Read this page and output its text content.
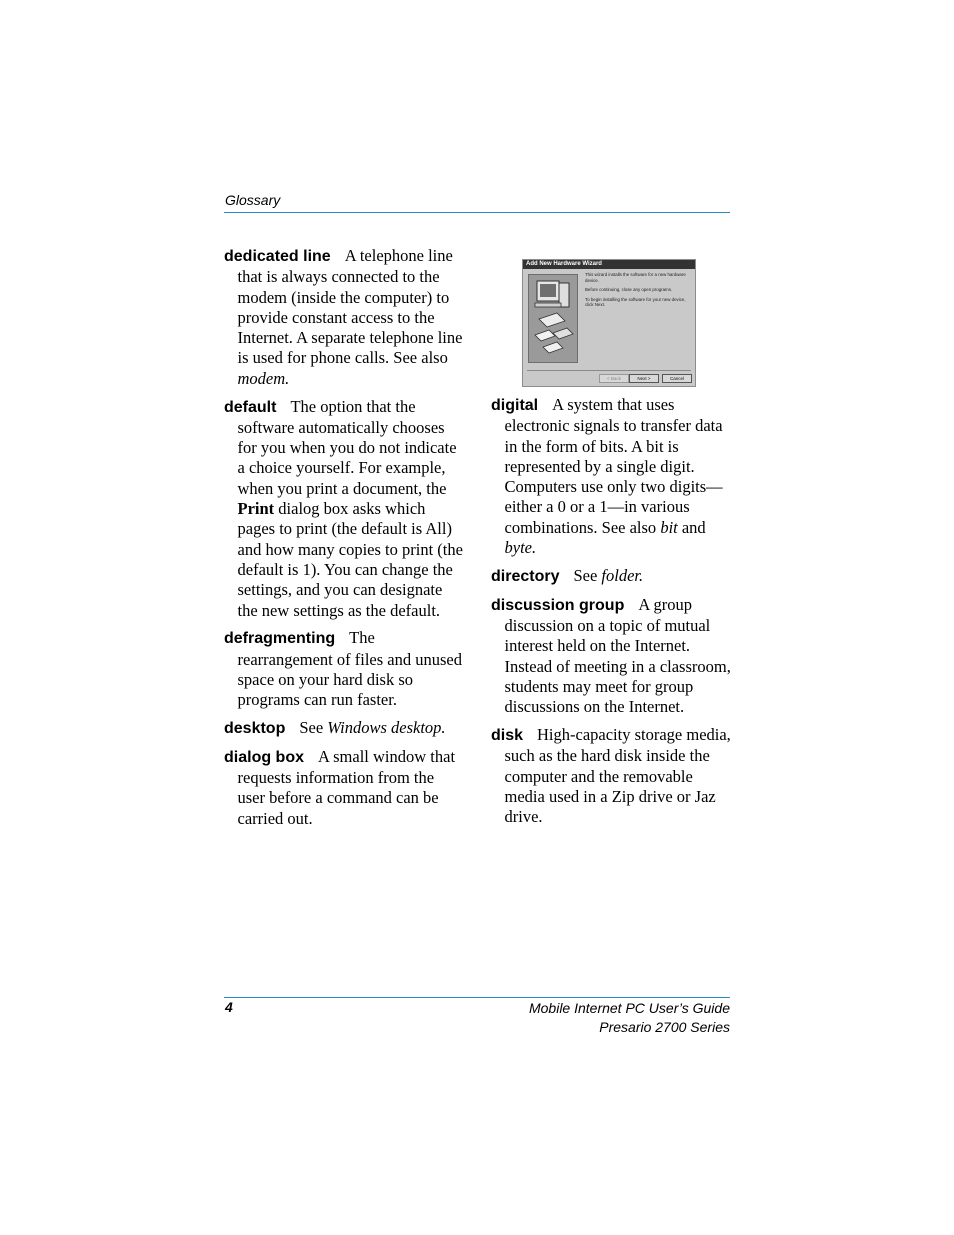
Glossary

dedicated line A telephone line that is always connected to the modem (inside the computer) to provide constant access to the Internet. A separate telephone line is used for phone calls. See also modem.

default The option that the software automatically chooses for you when you do not indicate a choice yourself. For example, when you print a document, the Print dialog box asks which pages to print (the default is All) and how many copies to print (the default is 1). You can change the settings, and you can designate the new settings as the default.

defragmenting The rearrangement of files and unused space on your hard disk so programs can run faster.

desktop See Windows desktop.

dialog box A small window that requests information from the user before a command can be carried out.

Add New Hardware Wizard

This wizard installs the software for a new hardware device.

Before continuing, close any open programs.

To begin installing the software for your new device, click Next.

< Back	Next >	Cancel

digital A system that uses electronic signals to transfer data in the form of bits. A bit is represented by a single digit. Computers use only two digits—either a 0 or a 1—in various combinations. See also bit and byte.

directory See folder.

discussion group A group discussion on a topic of mutual interest held on the Internet. Instead of meeting in a classroom, students may meet for group discussions on the Internet.

disk High-capacity storage media, such as the hard disk inside the computer and the removable media used in a Zip drive or Jaz drive.

4	Mobile Internet PC User’s Guide
Presario 2700 Series
